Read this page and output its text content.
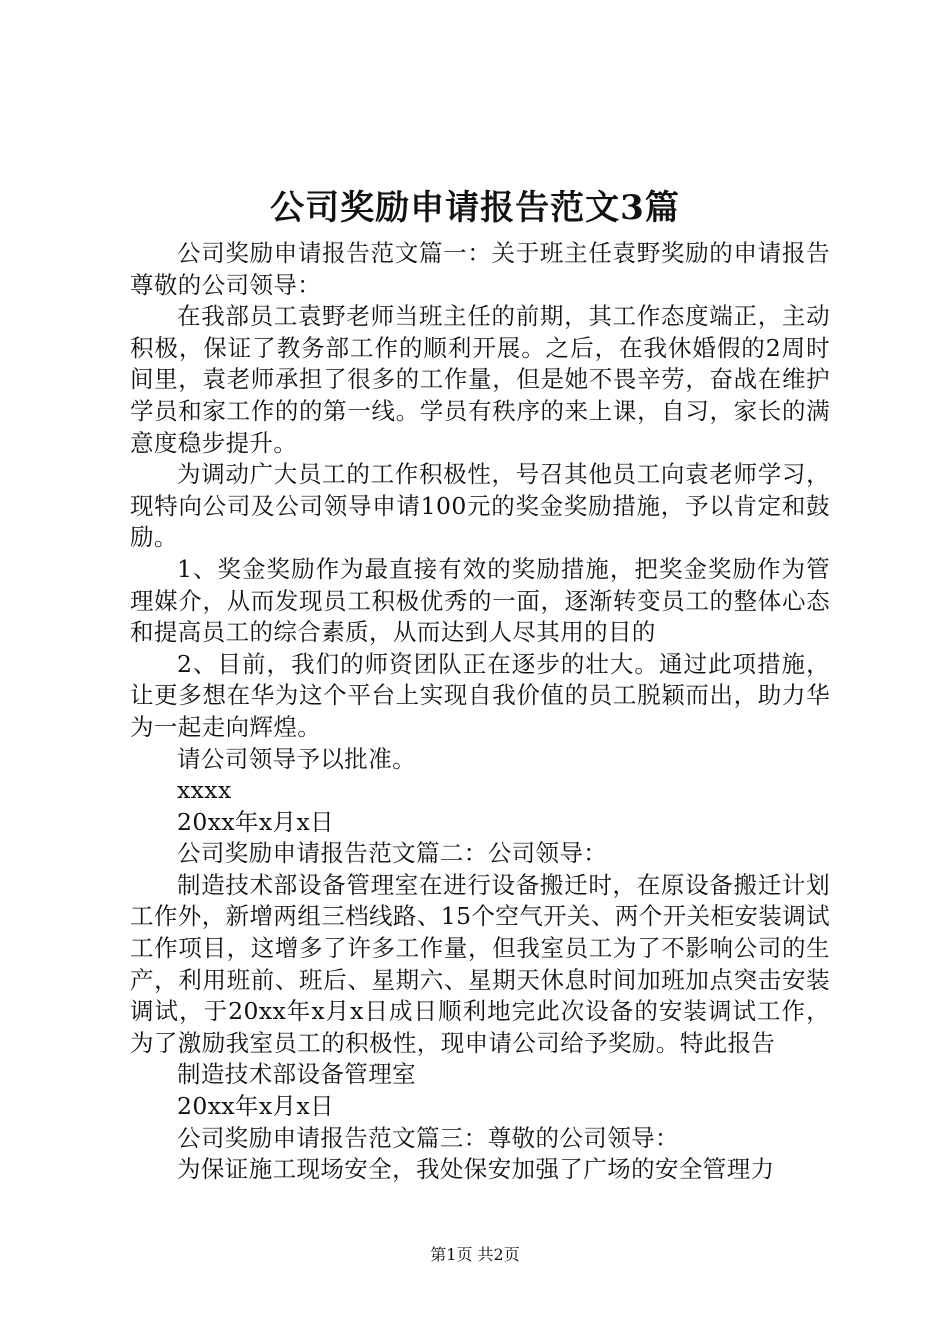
公司奖励申请报告范文3篇

公司奖励申请报告范文篇一：关于班主任袁野奖励的申请报告尊敬的公司领导：

在我部员工袁野老师当班主任的前期，其工作态度端正，主动积极，保证了教务部工作的顺利开展。之后，在我休婚假的2周时间里，袁老师承担了很多的工作量，但是她不畏辛劳，奋战在维护学员和家工作的的第一线。学员有秩序的来上课，自习，家长的满意度稳步提升。

为调动广大员工的工作积极性，号召其他员工向袁老师学习，现特向公司及公司领导申请100元的奖金奖励措施，予以肯定和鼓励。

1、奖金奖励作为最直接有效的奖励措施，把奖金奖励作为管理媒介，从而发现员工积极优秀的一面，逐渐转变员工的整体心态和提高员工的综合素质，从而达到人尽其用的目的

2、目前，我们的师资团队正在逐步的壮大。通过此项措施，让更多想在华为这个平台上实现自我价值的员工脱颖而出，助力华为一起走向辉煌。

请公司领导予以批准。

xxxx

20xx年x月x日

公司奖励申请报告范文篇二：公司领导：

制造技术部设备管理室在进行设备搬迁时，在原设备搬迁计划工作外，新增两组三档线路、15个空气开关、两个开关柜安装调试工作项目，这增多了许多工作量，但我室员工为了不影响公司的生产，利用班前、班后、星期六、星期天休息时间加班加点突击安装调试，于20xx年x月x日成日顺利地完此次设备的安装调试工作，为了激励我室员工的积极性，现申请公司给予奖励。特此报告

制造技术部设备管理室

20xx年x月x日

公司奖励申请报告范文篇三：尊敬的公司领导：

为保证施工现场安全，我处保安加强了广场的安全管理力

第1页 共2页
